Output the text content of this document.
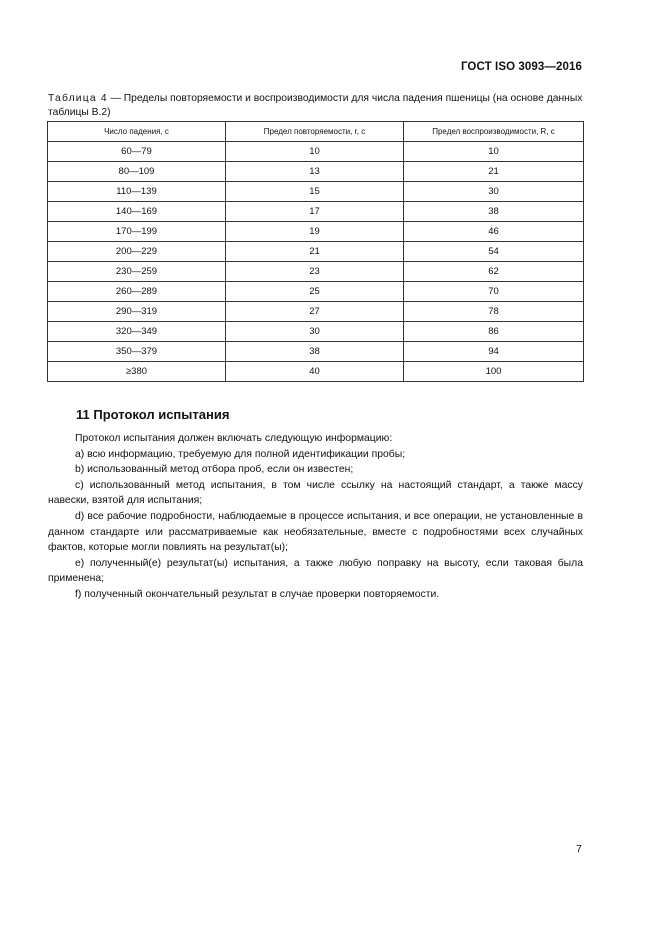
ГОСТ ISO 3093—2016
Таблица 4 — Пределы повторяемости и воспроизводимости для числа падения пшеницы (на основе данных таблицы В.2)
Число падения, c	Предел повторяемости, r, c	Предел воспроизводимости, R, c
60—79	10	10
80—109	13	21
110—139	15	30
140—169	17	38
170—199	19	46
200—229	21	54
230—259	23	62
260—289	25	70
290—319	27	78
320—349	30	86
350—379	38	94
≥380	40	100
11 Протокол испытания

Протокол испытания должен включать следующую информацию:

a) всю информацию, требуемую для полной идентификации пробы;

b) использованный метод отбора проб, если он известен;

c) использованный метод испытания, в том числе ссылку на настоящий стандарт, а также массу навески, взятой для испытания;

d) все рабочие подробности, наблюдаемые в процессе испытания, и все операции, не установленные в данном стандарте или рассматриваемые как необязательные, вместе с подробностями всех случайных фактов, которые могли повлиять на результат(ы);

e) полученный(е) результат(ы) испытания, а также любую поправку на высоту, если таковая была применена;

f) полученный окончательный результат в случае проверки повторяемости.

7
